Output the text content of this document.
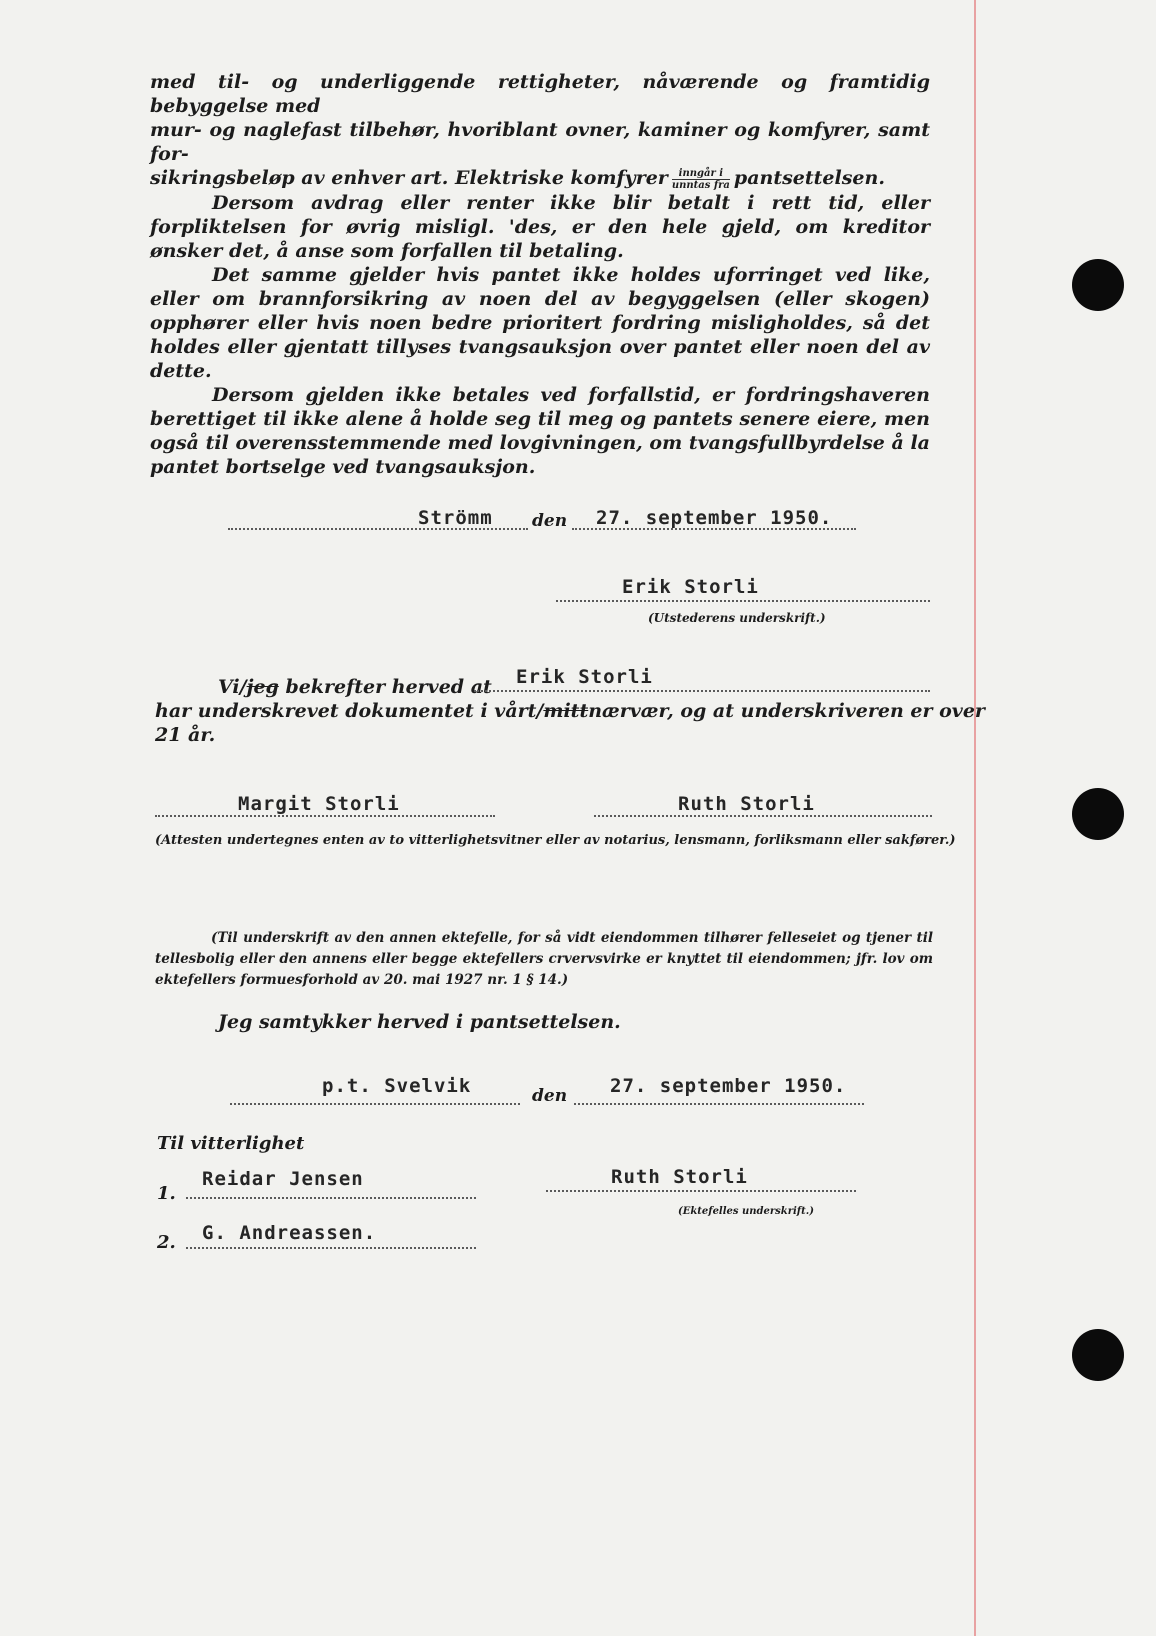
med til- og underliggende rettigheter, nåværende og framtidig bebyggelse med

mur- og naglefast tilbehør, hvoriblant ovner, kaminer og komfyrer, samt for-

sikringsbeløp av enhver art. Elektriske komfyrer $\frac{\text{inngår i}}{\text{unntas fra}}$ pantsettelsen.

Dersom avdrag eller renter ikke blir betalt i rett tid, eller forpliktelsen for øvrig misligl. 'des, er den hele gjeld, om kreditor ønsker det, å anse som forfallen til betaling.

Det samme gjelder hvis pantet ikke holdes uforringet ved like, eller om brannforsikring av noen del av begyggelsen (eller skogen) opphører eller hvis noen bedre prioritert fordring misligholdes, så det holdes eller gjentatt tillyses tvangsauksjon over pantet eller noen del av dette.

Dersom gjelden ikke betales ved forfallstid, er fordringshaveren berettiget til ikke alene å holde seg til meg og pantets senere eiere, men også til overensstemmende med lovgivningen, om tvangsfullbyrdelse å la pantet bortselge ved tvangsauksjon.

Strömm den 27. september 1950.
Erik Storli
(Utstederens underskrift.)
Vi/jeg bekrefter herved at Erik Storli
har underskrevet dokumentet i vårt/mittnærvær, og at underskriveren er over
21 år.
Margit Storli	Ruth Storli
(Attesten undertegnes enten av to vitterlighetsvitner eller av notarius, lensmann, forliksmann eller sakfører.)

(Til underskrift av den annen ektefelle, for så vidt eiendommen tilhører felleseiet og tjener til tellesbolig eller den annens eller begge ektefellers crvervsvirke er knyttet til eiendommen; jfr. lov om ektefellers formuesforhold av 20. mai 1927 nr. 1 § 14.)

Jeg samtykker herved i pantsettelsen.
p.t. Svelvik	den 27. september 1950.
Til vitterlighet
1.
Reidar Jensen	Ruth Storli
(Ektefelles underskrift.)
2. G. Andreassen.
